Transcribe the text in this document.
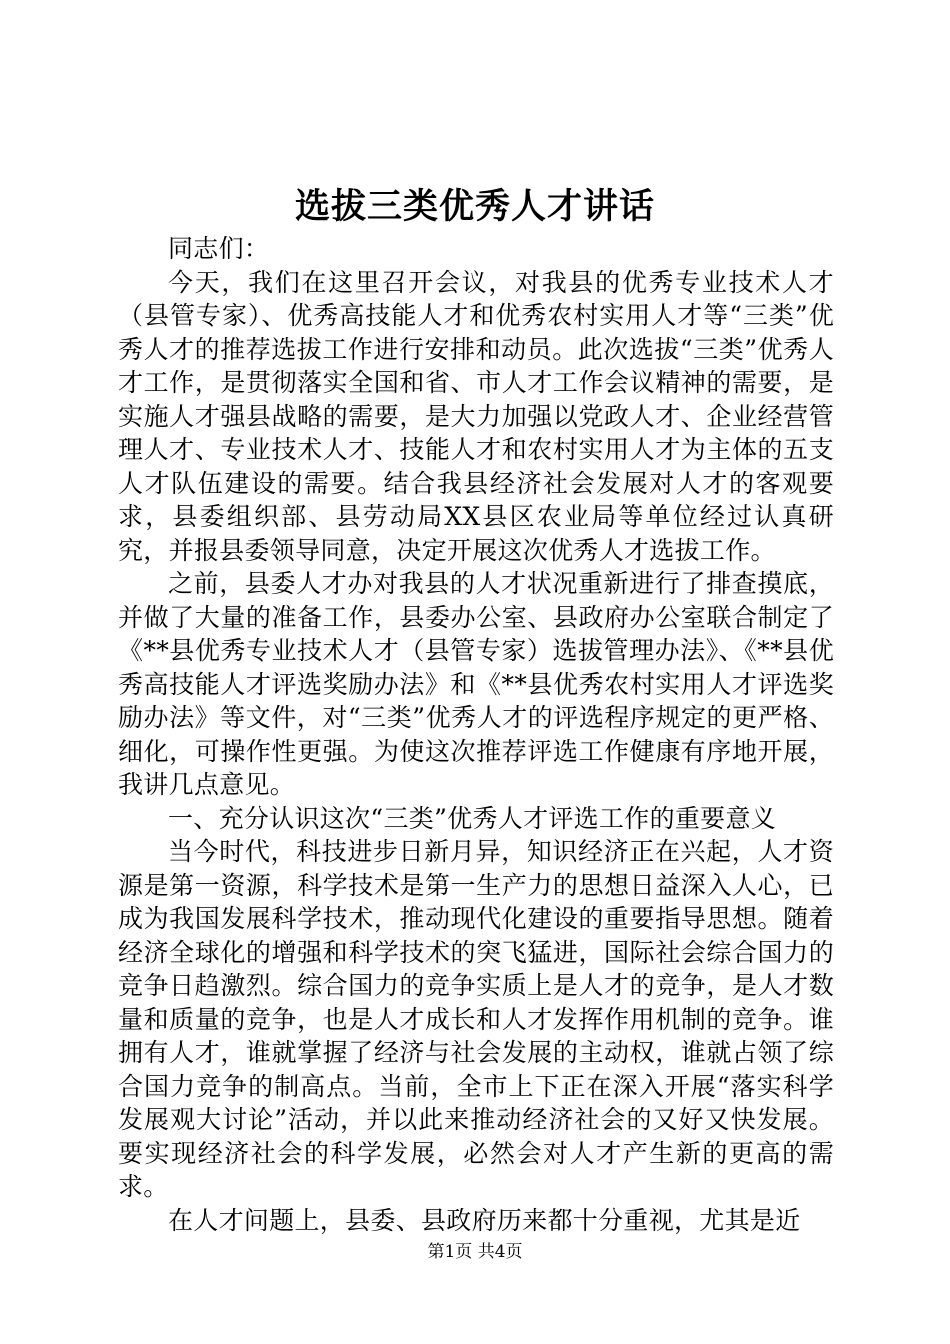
选拔三类优秀人才讲话

同志们：

今天，我们在这里召开会议，对我县的优秀专业技术人才（县管专家）、优秀高技能人才和优秀农村实用人才等“三类”优秀人才的推荐选拔工作进行安排和动员。此次选拔“三类”优秀人才工作，是贯彻落实全国和省、市人才工作会议精神的需要，是实施人才强县战略的需要，是大力加强以党政人才、企业经营管理人才、专业技术人才、技能人才和农村实用人才为主体的五支人才队伍建设的需要。结合我县经济社会发展对人才的客观要求，县委组织部、县劳动局XX县区农业局等单位经过认真研究，并报县委领导同意，决定开展这次优秀人才选拔工作。

之前，县委人才办对我县的人才状况重新进行了排查摸底，并做了大量的准备工作，县委办公室、县政府办公室联合制定了《**县优秀专业技术人才（县管专家）选拔管理办法》、《**县优秀高技能人才评选奖励办法》和《**县优秀农村实用人才评选奖励办法》等文件，对“三类”优秀人才的评选程序规定的更严格、细化，可操作性更强。为使这次推荐评选工作健康有序地开展，我讲几点意见。

一、充分认识这次“三类”优秀人才评选工作的重要意义

当今时代，科技进步日新月异，知识经济正在兴起，人才资源是第一资源，科学技术是第一生产力的思想日益深入人心，已成为我国发展科学技术，推动现代化建设的重要指导思想。随着经济全球化的增强和科学技术的突飞猛进，国际社会综合国力的竞争日趋激烈。综合国力的竞争实质上是人才的竞争，是人才数量和质量的竞争，也是人才成长和人才发挥作用机制的竞争。谁拥有人才，谁就掌握了经济与社会发展的主动权，谁就占领了综合国力竞争的制高点。当前，全市上下正在深入开展“落实科学发展观大讨论”活动，并以此来推动经济社会的又好又快发展。要实现经济社会的科学发展，必然会对人才产生新的更高的需求。

在人才问题上，县委、县政府历来都十分重视，尤其是近

第1页 共4页
